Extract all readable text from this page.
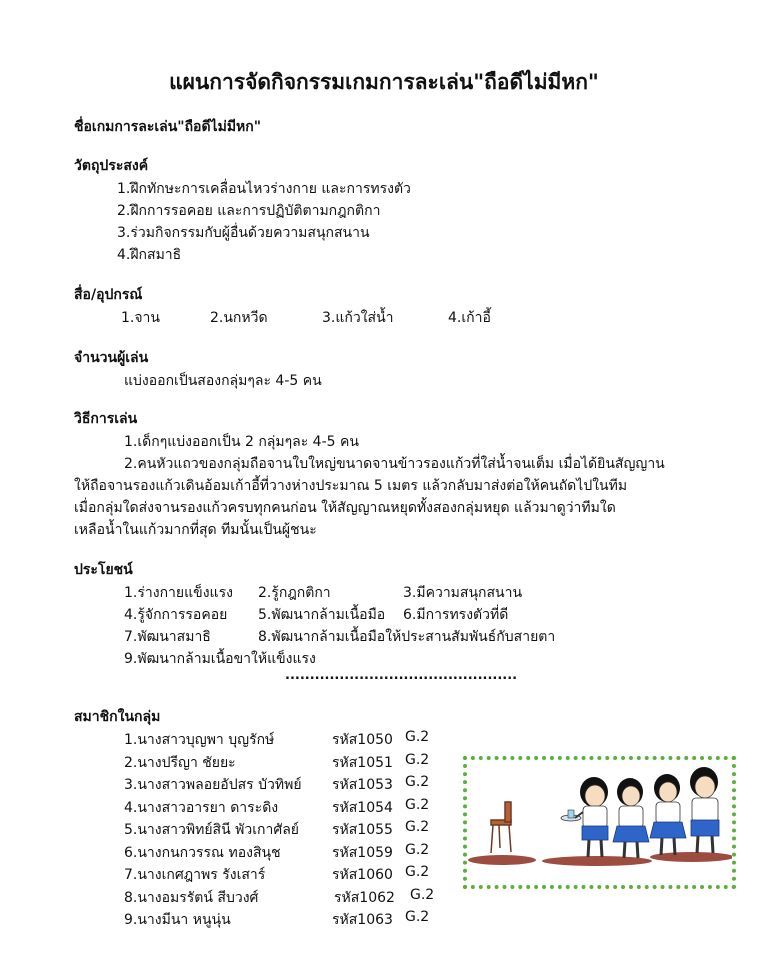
แผนการจัดกิจกรรมเกมการละเล่น"ถือดีไม่มีหก"
ชื่อเกมการละเล่น"ถือดีไม่มีหก"
วัตถุประสงค์
1.ฝึกทักษะการเคลื่อนไหวร่างกาย และการทรงตัว
2.ฝึกการรอคอย และการปฏิบัติตามกฎกติกา
3.ร่วมกิจกรรมกับผู้อื่นด้วยความสนุกสนาน
4.ฝึกสมาธิ
สื่อ/อุปกรณ์
1.จาน	2.นกหวีด	3.แก้วใส่น้ำ	4.เก้าอี้
จำนวนผู้เล่น
แบ่งออกเป็นสองกลุ่มๆละ 4-5 คน
วิธีการเล่น
1.เด็กๆแบ่งออกเป็น 2 กลุ่มๆละ 4-5 คน
2.คนหัวแถวของกลุ่มถือจานใบใหญ่ขนาดจานข้าวรองแก้วที่ใส่น้ำจนเต็ม เมื่อได้ยินสัญญาน
ให้ถือจานรองแก้วเดินอ้อมเก้าอี้ที่วางห่างประมาณ 5 เมตร แล้วกลับมาส่งต่อให้คนถัดไปในทีม
เมื่อกลุ่มใดส่งจานรองแก้วครบทุกคนก่อน ให้สัญญาณหยุดทั้งสองกลุ่มหยุด แล้วมาดูว่าทีมใด
เหลือน้ำในแก้วมากที่สุด ทีมนั้นเป็นผู้ชนะ
ประโยชน์
1.ร่างกายแข็งแรง 2.รู้กฎกติกา	3.มีความสนุกสนาน
4.รู้จักการรอคอย 5.พัฒนากล้ามเนื้อมือ 6.มีการทรงตัวที่ดี
7.พัฒนาสมาธิ	8.พัฒนากล้ามเนื้อมือให้ประสานสัมพันธ์กับสายตา
9.พัฒนากล้ามเนื้อขาให้แข็งแรง
...............................................
สมาชิกในกลุ่ม
1.นางสาวบุญพา บุญรักษ์	รหัส1050 G.2
2.นางปรีญา ชัยยะ	รหัส1051 G.2
3.นางสาวพลอยอัปสร บัวทิพย์ รหัส1053 G.2
4.นางสาวอารยา ดาระดิง	รหัส1054 G.2
5.นางสาวพิทย์สินี พัวเกาศัลย์ รหัส1055 G.2
6.นางกนกวรรณ ทองสินุช	รหัส1059 G.2
7.นางเกศฎาพร รังเสาร์	รหัส1060 G.2
8.นางอมรรัตน์ สีบวงศ์	รหัส1062 G.2
9.นางมีนา หนูนุ่น	รหัส1063 G.2
